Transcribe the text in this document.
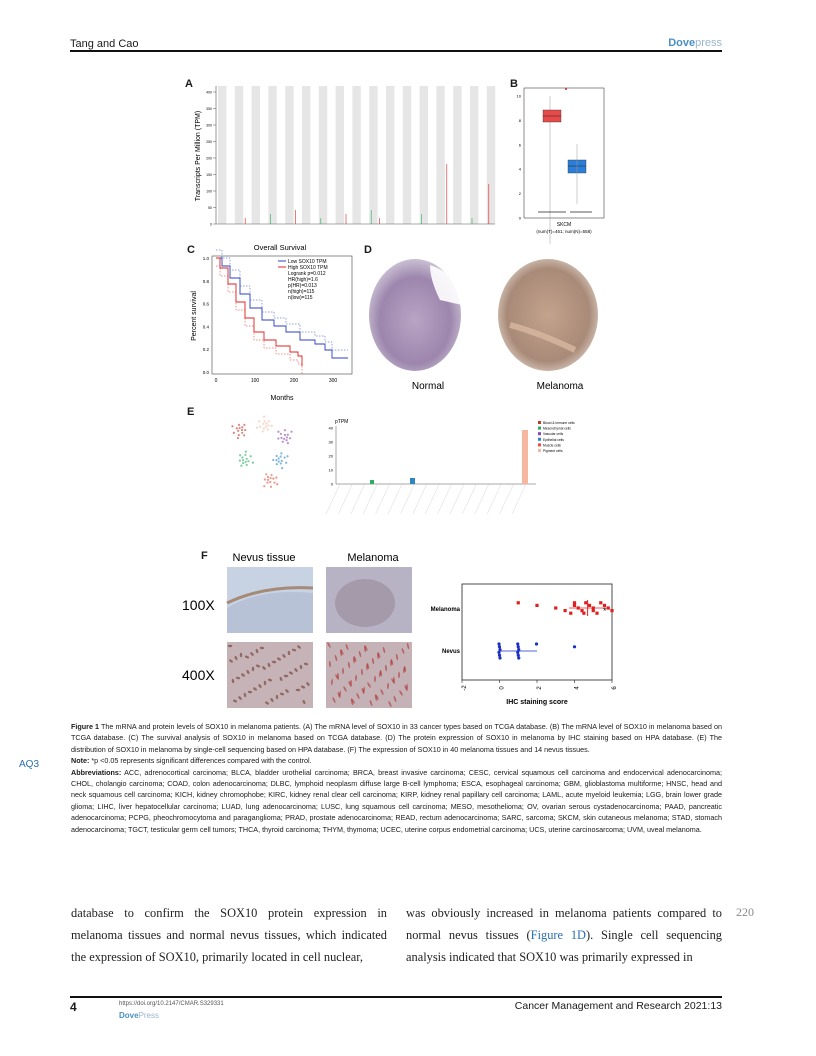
Tang and Cao	Dovepress
A	B
C	D
E
F
400
350
300
250
200
150
100
50
0
Transcripts Per Million (TPM)
10
8
6
4
2
0
SKCM
(num(T)=461; num(N)=558)
Overall Survival
1.0
0.8
0.6
0.4
0.2
0.0
0	100	200	300
Low SOX10 TPM
High SOX10 TPM
Logrank p=0.012
HR(high)=1.6
p(HR)=0.013
n(high)=115
n(low)=115
Percent survival
Months
Normal	Melanoma
pTPM
40
30
20
10
0
Blood & immune cells
Mesenchymal cells
Vascular cells
Epithelial cells
Muscle cells
Pigment cells
Nevus tissue	Melanoma
100X
400X
Melanoma
Nevus
*
-2	0	2	4	6
IHC staining score
Figure 1 The mRNA and protein levels of SOX10 in melanoma patients. (A) The mRNA level of SOX10 in 33 cancer types based on TCGA database. (B) The mRNA level of SOX10 in melanoma based on TCGA database. (C) The survival analysis of SOX10 in melanoma based on TCGA database. (D) The protein expression of SOX10 in melanoma by IHC staining based on HPA database. (E) The distribution of SOX10 in melanoma by single-cell sequencing based on HPA database. (F) The expression of SOX10 in 40 melanoma tissues and 14 nevus tissues.
Note: *p <0.05 represents significant differences compared with the control.
Abbreviations: ACC, adrenocortical carcinoma; BLCA, bladder urothelial carcinoma; BRCA, breast invasive carcinoma; CESC, cervical squamous cell carcinoma and endocervical adenocarcinoma; CHOL, cholangio carcinoma; COAD, colon adenocarcinoma; DLBC, lymphoid neoplasm diffuse large B-cell lymphoma; ESCA, esophageal carcinoma; GBM, glioblastoma multiforme; HNSC, head and neck squamous cell carcinoma; KICH, kidney chromophobe; KIRC, kidney renal clear cell carcinoma; KIRP, kidney renal papillary cell carcinoma; LAML, acute myeloid leukemia; LGG, brain lower grade glioma; LIHC, liver hepatocellular carcinoma; LUAD, lung adenocarcinoma; LUSC, lung squamous cell carcinoma; MESO, mesothelioma; OV, ovarian serous cystadenocarcinoma; PAAD, pancreatic adenocarcinoma; PCPG, pheochromocytoma and paraganglioma; PRAD, prostate adenocarcinoma; READ, rectum adenocarcinoma; SARC, sarcoma; SKCM, skin cutaneous melanoma; STAD, stomach adenocarcinoma; TGCT, testicular germ cell tumors; THCA, thyroid carcinoma; THYM, thymoma; UCEC, uterine corpus endometrial carcinoma; UCS, uterine carcinosarcoma; UVM, uveal melanoma.
AQ3
database to confirm the SOX10 protein expression in melanoma tissues and normal nevus tissues, which indicated the expression of SOX10, primarily located in cell nuclear,
was obviously increased in melanoma patients compared to normal nevus tissues (Figure 1D). Single cell sequencing analysis indicated that SOX10 was primarily expressed in
220
4	https://doi.org/10.2147/CMAR.S329331
DovePress
Cancer Management and Research 2021:13
